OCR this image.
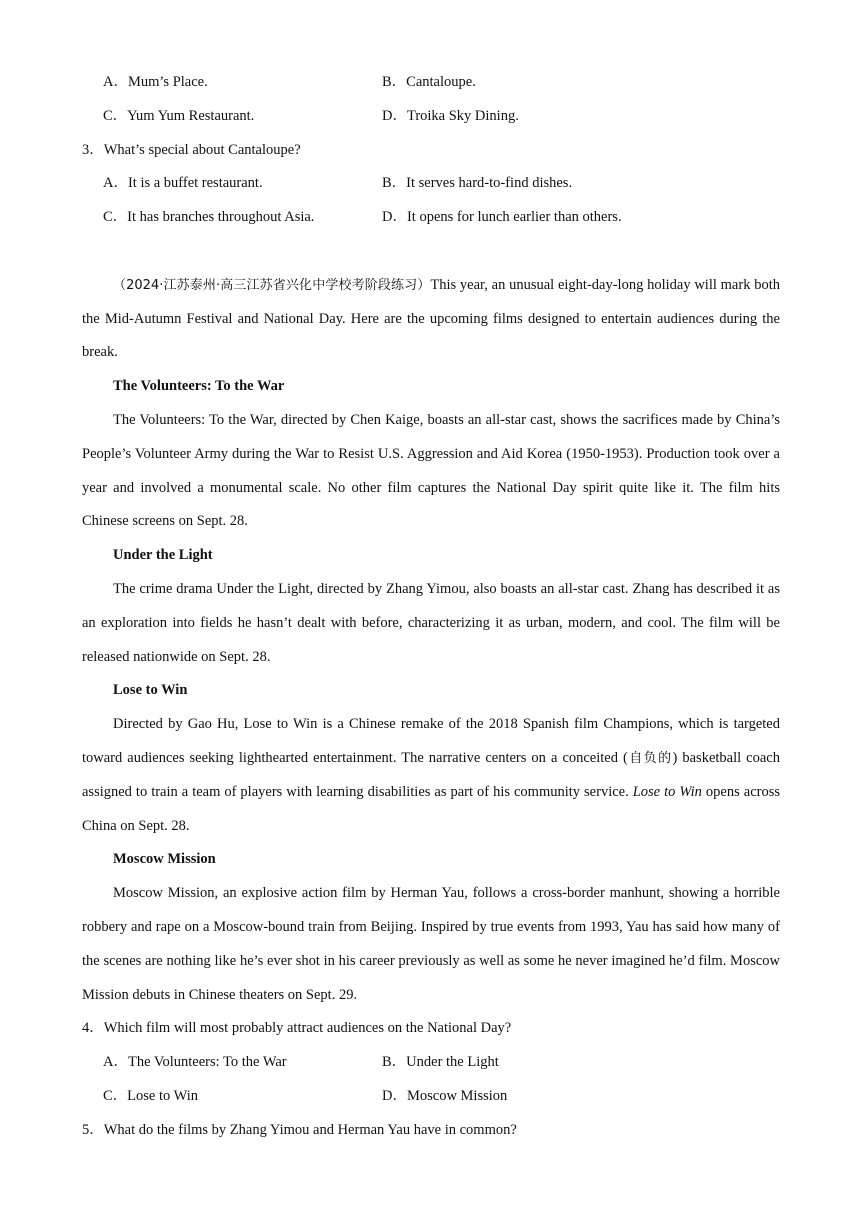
A．Mum’s Place.	B．Cantaloupe.
C．Yum Yum Restaurant.	D．Troika Sky Dining.
3．What’s special about Cantaloupe?
A．It is a buffet restaurant.	B．It serves hard-to-find dishes.
C．It has branches throughout Asia.	D．It opens for lunch earlier than others.

（2024·江苏泰州·高三江苏省兴化中学校考阶段练习）This year, an unusual eight-day-long holiday will mark both the Mid-Autumn Festival and National Day. Here are the upcoming films designed to entertain audiences during the break.

The Volunteers: To the War

The Volunteers: To the War, directed by Chen Kaige, boasts an all-star cast, shows the sacrifices made by China’s People’s Volunteer Army during the War to Resist U.S. Aggression and Aid Korea (1950-1953). Production took over a year and involved a monumental scale. No other film captures the National Day spirit quite like it. The film hits Chinese screens on Sept. 28.

Under the Light

The crime drama Under the Light, directed by Zhang Yimou, also boasts an all-star cast. Zhang has described it as an exploration into fields he hasn’t dealt with before, characterizing it as urban, modern, and cool. The film will be released nationwide on Sept. 28.

Lose to Win

Directed by Gao Hu, Lose to Win is a Chinese remake of the 2018 Spanish film Champions, which is targeted toward audiences seeking lighthearted entertainment. The narrative centers on a conceited (自负的) basketball coach assigned to train a team of players with learning disabilities as part of his community service. Lose to Win opens across China on Sept. 28.

Moscow Mission

Moscow Mission, an explosive action film by Herman Yau, follows a cross-border manhunt, showing a horrible robbery and rape on a Moscow-bound train from Beijing. Inspired by true events from 1993, Yau has said how many of the scenes are nothing like he’s ever shot in his career previously as well as some he never imagined he’d film. Moscow Mission debuts in Chinese theaters on Sept. 29.

4．Which film will most probably attract audiences on the National Day?
A．The Volunteers: To the War	B．Under the Light
C．Lose to Win	D．Moscow Mission
5．What do the films by Zhang Yimou and Herman Yau have in common?
